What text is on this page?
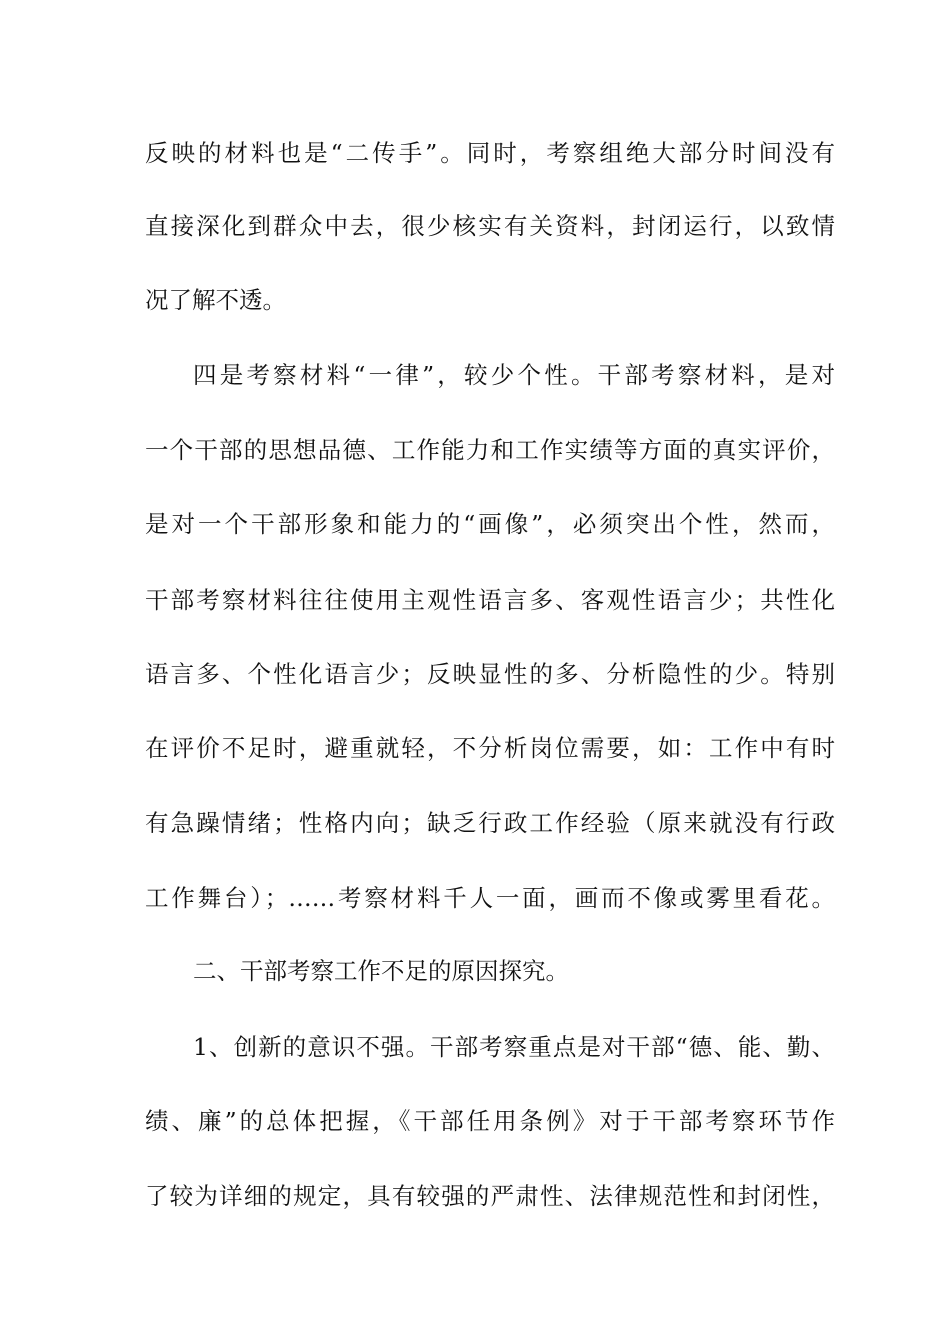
反映的材料也是“二传手”。同时，考察组绝大部分时间没有
直接深化到群众中去，很少核实有关资料，封闭运行，以致情
况了解不透。
四是考察材料“一律”，较少个性。干部考察材料，是对
一个干部的思想品德、工作能力和工作实绩等方面的真实评价，
是对一个干部形象和能力的“画像”，必须突出个性，然而，
干部考察材料往往使用主观性语言多、客观性语言少；共性化
语言多、个性化语言少；反映显性的多、分析隐性的少。特别
在评价不足时，避重就轻，不分析岗位需要，如：工作中有时
有急躁情绪；性格内向；缺乏行政工作经验（原来就没有行政
工作舞台）；……考察材料千人一面，画而不像或雾里看花。
二、干部考察工作不足的原因探究。
1、创新的意识不强。干部考察重点是对干部“德、能、勤、
绩、廉”的总体把握，《干部任用条例》对于干部考察环节作
了较为详细的规定，具有较强的严肃性、法律规范性和封闭性，
